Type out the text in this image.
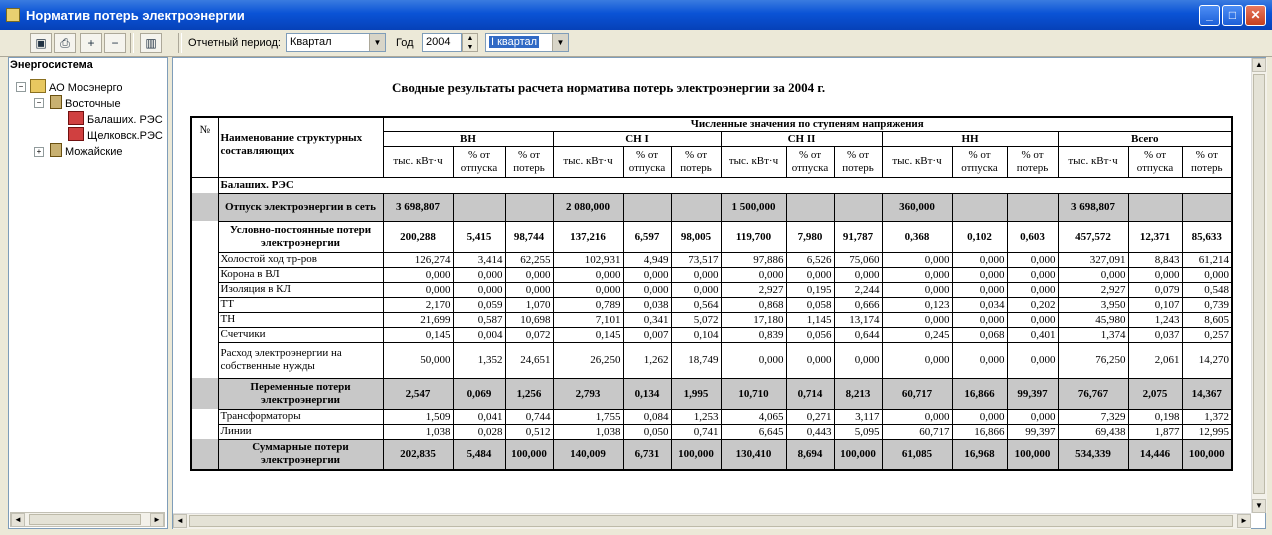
Норматив потерь электроэнергии	_	□	✕
▣	⎙	+	−	▥	Отчетный период: Квартал	▼	Год	2004	▲
▼	I квартал	▼
Энергосистема
−	АО Мосэнерго
−	Восточные
Балаших. РЭС
Щелковск.РЭС
+	Можайские
◄	►
▲
▼
◄	►
Сводные результаты расчета норматива потерь электроэнергии за 2004 г.
№	Наименование структурных составляющих	Численные значения по ступеням напряжения														
		ВН			СН I			СН II			НН			Всего		
		тыс. кВт·ч	% от отпуска	% от потерь	тыс. кВт·ч	% от отпуска	% от потерь	тыс. кВт·ч	% от отпуска	% от потерь	тыс. кВт·ч	% от отпуска	% от потерь	тыс. кВт·ч	% от отпуска	% от потерь
	Балаших. РЭС															
	Отпуск электроэнергии в сеть	3 698,807			2 080,000			1 500,000			360,000			3 698,807		
	Условно-постоянные потери электроэнергии	200,288	5,415	98,744	137,216	6,597	98,005	119,700	7,980	91,787	0,368	0,102	0,603	457,572	12,371	85,633
	Холостой ход тр-ров	126,274	3,414	62,255	102,931	4,949	73,517	97,886	6,526	75,060	0,000	0,000	0,000	327,091	8,843	61,214
	Корона в ВЛ	0,000	0,000	0,000	0,000	0,000	0,000	0,000	0,000	0,000	0,000	0,000	0,000	0,000	0,000	0,000
	Изоляция в КЛ	0,000	0,000	0,000	0,000	0,000	0,000	2,927	0,195	2,244	0,000	0,000	0,000	2,927	0,079	0,548
	ТТ	2,170	0,059	1,070	0,789	0,038	0,564	0,868	0,058	0,666	0,123	0,034	0,202	3,950	0,107	0,739
	ТН	21,699	0,587	10,698	7,101	0,341	5,072	17,180	1,145	13,174	0,000	0,000	0,000	45,980	1,243	8,605
	Счетчики	0,145	0,004	0,072	0,145	0,007	0,104	0,839	0,056	0,644	0,245	0,068	0,401	1,374	0,037	0,257
	Расход электроэнергии на собственные нужды	50,000	1,352	24,651	26,250	1,262	18,749	0,000	0,000	0,000	0,000	0,000	0,000	76,250	2,061	14,270
	Переменные потери электроэнергии	2,547	0,069	1,256	2,793	0,134	1,995	10,710	0,714	8,213	60,717	16,866	99,397	76,767	2,075	14,367
	Трансформаторы	1,509	0,041	0,744	1,755	0,084	1,253	4,065	0,271	3,117	0,000	0,000	0,000	7,329	0,198	1,372
	Линии	1,038	0,028	0,512	1,038	0,050	0,741	6,645	0,443	5,095	60,717	16,866	99,397	69,438	1,877	12,995
	Суммарные потери электроэнергии	202,835	5,484	100,000	140,009	6,731	100,000	130,410	8,694	100,000	61,085	16,968	100,000	534,339	14,446	100,000
